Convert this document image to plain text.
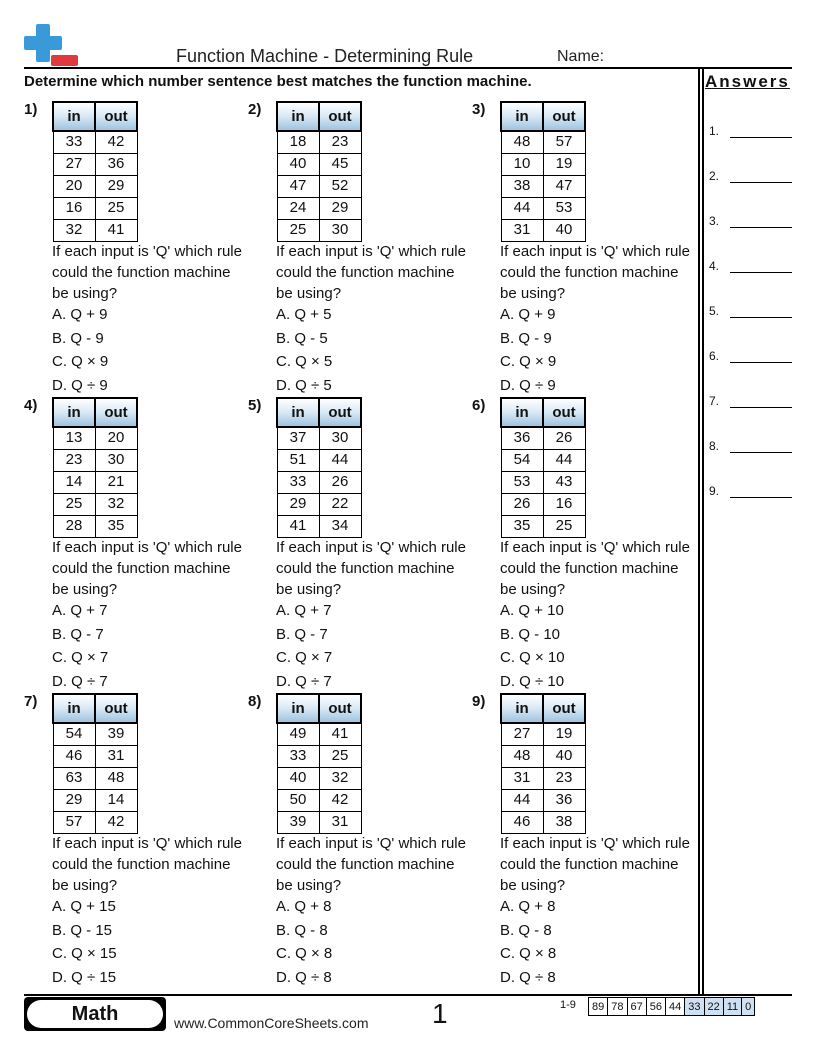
Function Machine - Determining Rule	Name:
Determine which number sentence best matches the function machine.	Answers
1.
2.
3.
4.
5.
6.
7.
8.
9.
1) in	out
33	42
27	36
20	29
16	25
32	41
If each input is 'Q' which rule could the function machine be using?
A. Q + 9
B. Q - 9
C. Q × 9
D. Q ÷ 9
2) in	out
18	23
40	45
47	52
24	29
25	30
If each input is 'Q' which rule could the function machine be using?
A. Q + 5
B. Q - 5
C. Q × 5
D. Q ÷ 5
3) in	out
48	57
10	19
38	47
44	53
31	40
If each input is 'Q' which rule could the function machine be using?
A. Q + 9
B. Q - 9
C. Q × 9
D. Q ÷ 9
4) in	out
13	20
23	30
14	21
25	32
28	35
If each input is 'Q' which rule could the function machine be using?
A. Q + 7
B. Q - 7
C. Q × 7
D. Q ÷ 7
5) in	out
37	30
51	44
33	26
29	22
41	34
If each input is 'Q' which rule could the function machine be using?
A. Q + 7
B. Q - 7
C. Q × 7
D. Q ÷ 7
6) in	out
36	26
54	44
53	43
26	16
35	25
If each input is 'Q' which rule could the function machine be using?
A. Q + 10
B. Q - 10
C. Q × 10
D. Q ÷ 10
7) in	out
54	39
46	31
63	48
29	14
57	42
If each input is 'Q' which rule could the function machine be using?
A. Q + 15
B. Q - 15
C. Q × 15
D. Q ÷ 15
8) in	out
49	41
33	25
40	32
50	42
39	31
If each input is 'Q' which rule could the function machine be using?
A. Q + 8
B. Q - 8
C. Q × 8
D. Q ÷ 8
9) in	out
27	19
48	40
31	23
44	36
46	38
If each input is 'Q' which rule could the function machine be using?
A. Q + 8
B. Q - 8
C. Q × 8
D. Q ÷ 8
Math	www.CommonCoreSheets.com 1	1-9 89	78	67	56	44	33	22	11	0
